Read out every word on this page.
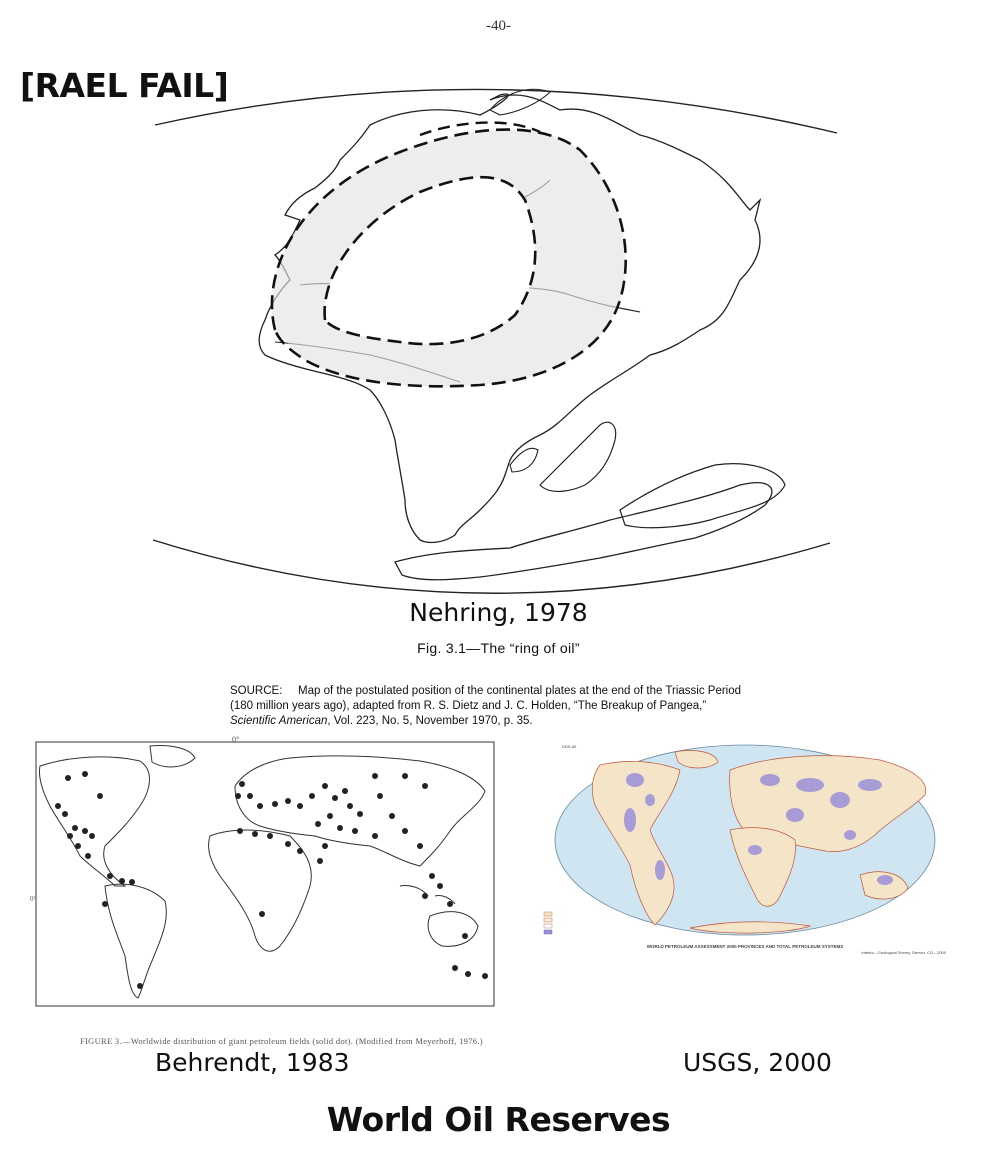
-40-
[RAEL FAIL]
Nehring, 1978
Fig. 3.1—The “ring of oil”
SOURCE: Map of the postulated position of the continental plates at the end of the Triassic Period
(180 million years ago), adapted from R. S. Dietz and J. C. Holden, “The Breakup of Pangea,”
Scientific American, Vol. 223, No. 5, November 1970, p. 35.
0°
0°
FIGURE 3.—Worldwide distribution of giant petroleum fields (solid dot). (Modified from Meyerhoff, 1976.)
Behrendt, 1983
DDS-60
WORLD PETROLEUM ASSESSMENT 2000 PROVINCES AND TOTAL PETROLEUM SYSTEMS
Interior—Geological Survey, Denver, CO—2000
USGS, 2000
World Oil Reserves
